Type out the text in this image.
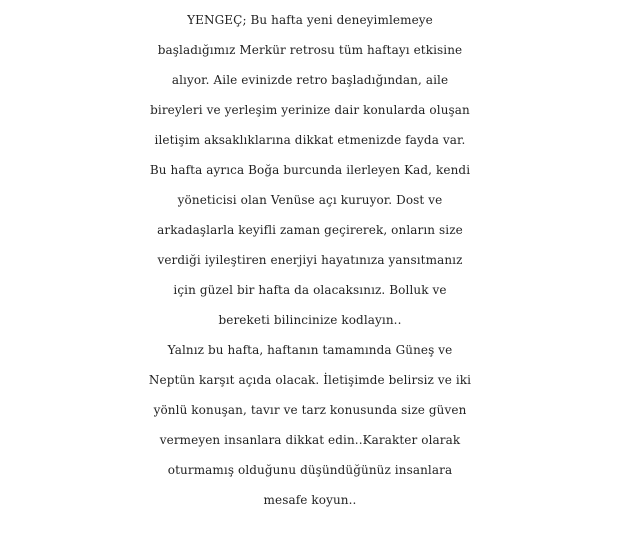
YENGEÇ; Bu hafta yeni deneyimlemeye
başladığımız Merkür retrosu tüm haftayı etkisine
alıyor. Aile evinizde retro başladığından, aile
bireyleri ve yerleşim yerinize dair konularda oluşan
iletişim aksaklıklarına dikkat etmenizde fayda var.
Bu hafta ayrıca Boğa burcunda ilerleyen Kad, kendi
yöneticisi olan Venüse açı kuruyor. Dost ve
arkadaşlarla keyifli zaman geçirerek, onların size
verdiği iyileştiren enerjiyi hayatınıza yansıtmanız
için güzel bir hafta da olacaksınız. Bolluk ve
bereketi bilincinize kodlayın..
Yalnız bu hafta, haftanın tamamında Güneş ve
Neptün karşıt açıda olacak. İletişimde belirsiz ve iki
yönlü konuşan, tavır ve tarz konusunda size güven
vermeyen insanlara dikkat edin..Karakter olarak
oturmamış olduğunu düşündüğünüz insanlara
mesafe koyun..
